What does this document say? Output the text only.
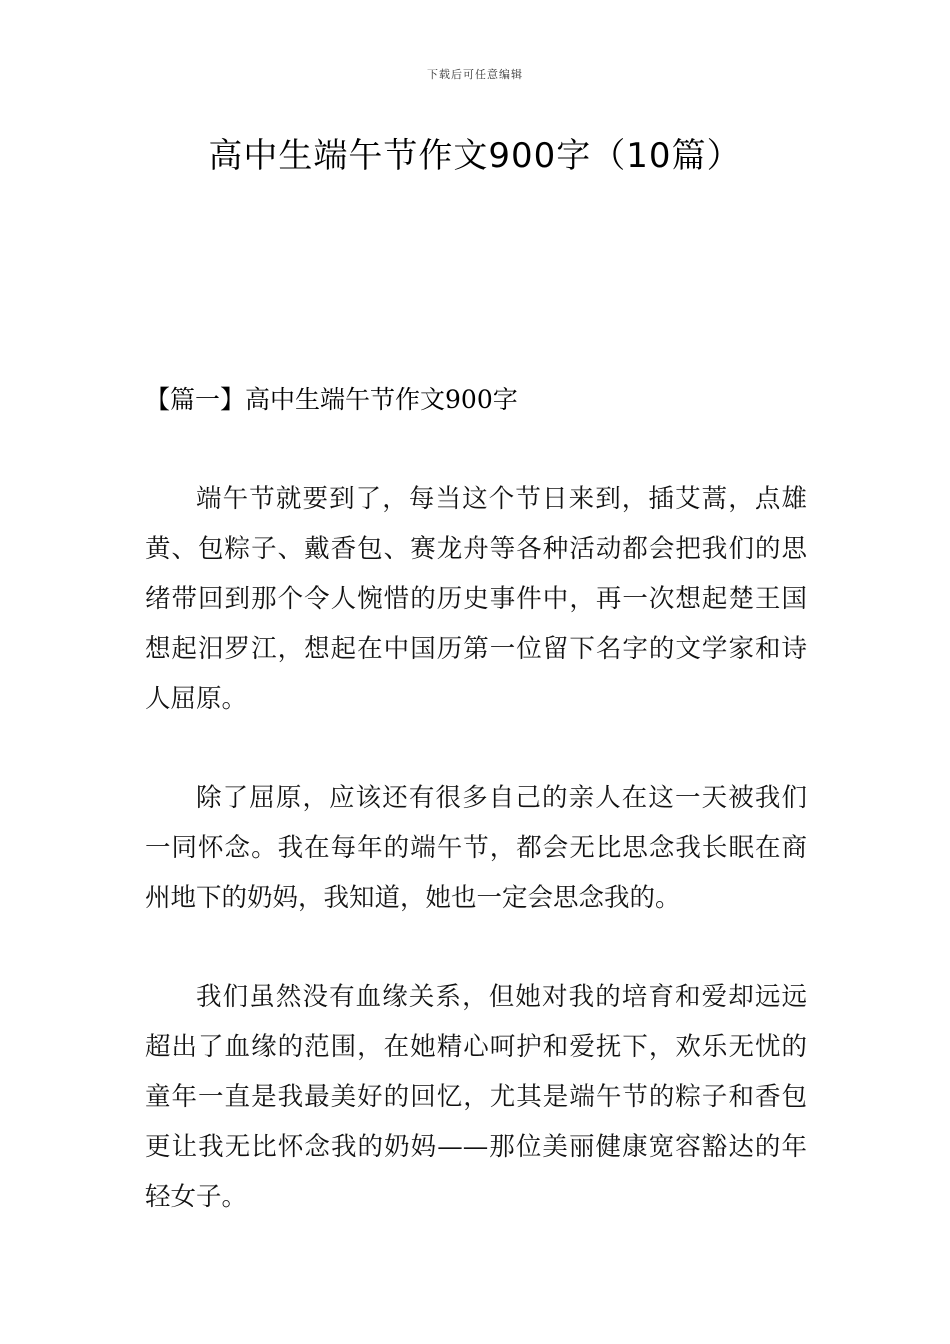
下载后可任意编辑
高中生端午节作文900字（10篇）
【篇一】高中生端午节作文900字

端午节就要到了，每当这个节日来到，插艾蒿，点雄黄、包粽子、戴香包、赛龙舟等各种活动都会把我们的思绪带回到那个令人惋惜的历史事件中，再一次想起楚王国想起汨罗江，想起在中国历第一位留下名字的文学家和诗人屈原。

除了屈原，应该还有很多自己的亲人在这一天被我们一同怀念。我在每年的端午节，都会无比思念我长眠在商州地下的奶妈，我知道，她也一定会思念我的。

我们虽然没有血缘关系，但她对我的培育和爱却远远超出了血缘的范围，在她精心呵护和爱抚下，欢乐无忧的童年一直是我最美好的回忆，尤其是端午节的粽子和香包更让我无比怀念我的奶妈——那位美丽健康宽容豁达的年轻女子。
